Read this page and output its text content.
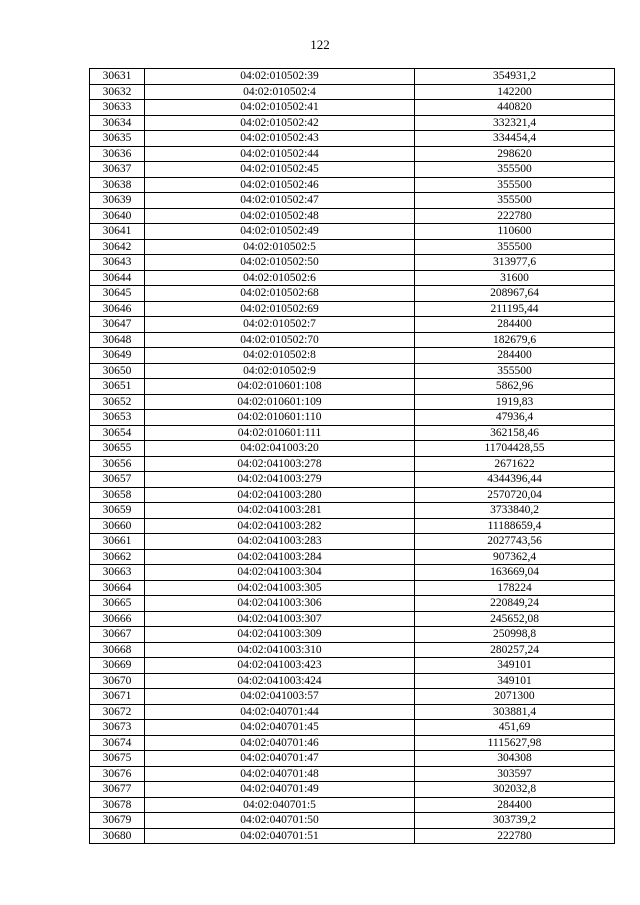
122
30631	04:02:010502:39	354931,2
30632	04:02:010502:4	142200
30633	04:02:010502:41	440820
30634	04:02:010502:42	332321,4
30635	04:02:010502:43	334454,4
30636	04:02:010502:44	298620
30637	04:02:010502:45	355500
30638	04:02:010502:46	355500
30639	04:02:010502:47	355500
30640	04:02:010502:48	222780
30641	04:02:010502:49	110600
30642	04:02:010502:5	355500
30643	04:02:010502:50	313977,6
30644	04:02:010502:6	31600
30645	04:02:010502:68	208967,64
30646	04:02:010502:69	211195,44
30647	04:02:010502:7	284400
30648	04:02:010502:70	182679,6
30649	04:02:010502:8	284400
30650	04:02:010502:9	355500
30651	04:02:010601:108	5862,96
30652	04:02:010601:109	1919,83
30653	04:02:010601:110	47936,4
30654	04:02:010601:111	362158,46
30655	04:02:041003:20	11704428,55
30656	04:02:041003:278	2671622
30657	04:02:041003:279	4344396,44
30658	04:02:041003:280	2570720,04
30659	04:02:041003:281	3733840,2
30660	04:02:041003:282	11188659,4
30661	04:02:041003:283	2027743,56
30662	04:02:041003:284	907362,4
30663	04:02:041003:304	163669,04
30664	04:02:041003:305	178224
30665	04:02:041003:306	220849,24
30666	04:02:041003:307	245652,08
30667	04:02:041003:309	250998,8
30668	04:02:041003:310	280257,24
30669	04:02:041003:423	349101
30670	04:02:041003:424	349101
30671	04:02:041003:57	2071300
30672	04:02:040701:44	303881,4
30673	04:02:040701:45	451,69
30674	04:02:040701:46	1115627,98
30675	04:02:040701:47	304308
30676	04:02:040701:48	303597
30677	04:02:040701:49	302032,8
30678	04:02:040701:5	284400
30679	04:02:040701:50	303739,2
30680	04:02:040701:51	222780
